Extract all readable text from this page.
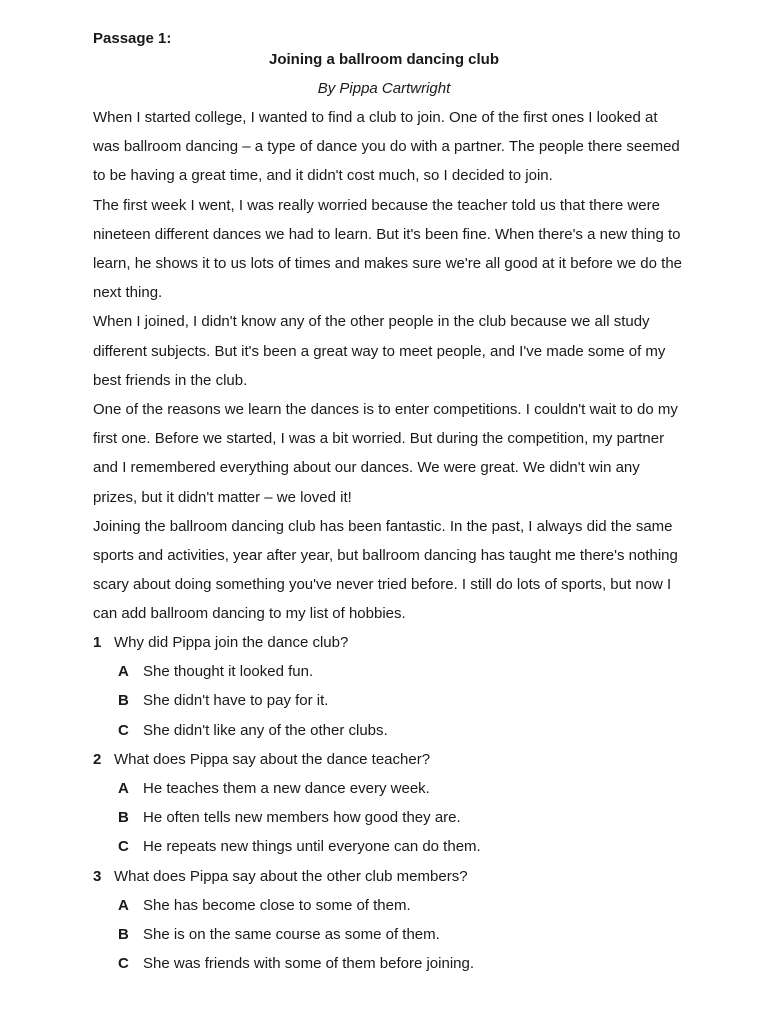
Passage 1:
Joining a ballroom dancing club
By Pippa Cartwright

When I started college, I wanted to find a club to join. One of the first ones I looked at was ballroom dancing – a type of dance you do with a partner. The people there seemed to be having a great time, and it didn't cost much, so I decided to join.

The first week I went, I was really worried because the teacher told us that there were nineteen different dances we had to learn. But it's been fine. When there's a new thing to learn, he shows it to us lots of times and makes sure we're all good at it before we do the next thing.

When I joined, I didn't know any of the other people in the club because we all study different subjects. But it's been a great way to meet people, and I've made some of my best friends in the club.

One of the reasons we learn the dances is to enter competitions. I couldn't wait to do my first one. Before we started, I was a bit worried. But during the competition, my partner and I remembered everything about our dances. We were great. We didn't win any prizes, but it didn't matter – we loved it!

Joining the ballroom dancing club has been fantastic. In the past, I always did the same sports and activities, year after year, but ballroom dancing has taught me there's nothing scary about doing something you've never tried before. I still do lots of sports, but now I can add ballroom dancing to my list of hobbies.

1 Why did Pippa join the dance club?
A She thought it looked fun.
B She didn't have to pay for it.
C She didn't like any of the other clubs.
2 What does Pippa say about the dance teacher?
A He teaches them a new dance every week.
B He often tells new members how good they are.
C He repeats new things until everyone can do them.
3 What does Pippa say about the other club members?
A She has become close to some of them.
B She is on the same course as some of them.
C She was friends with some of them before joining.
